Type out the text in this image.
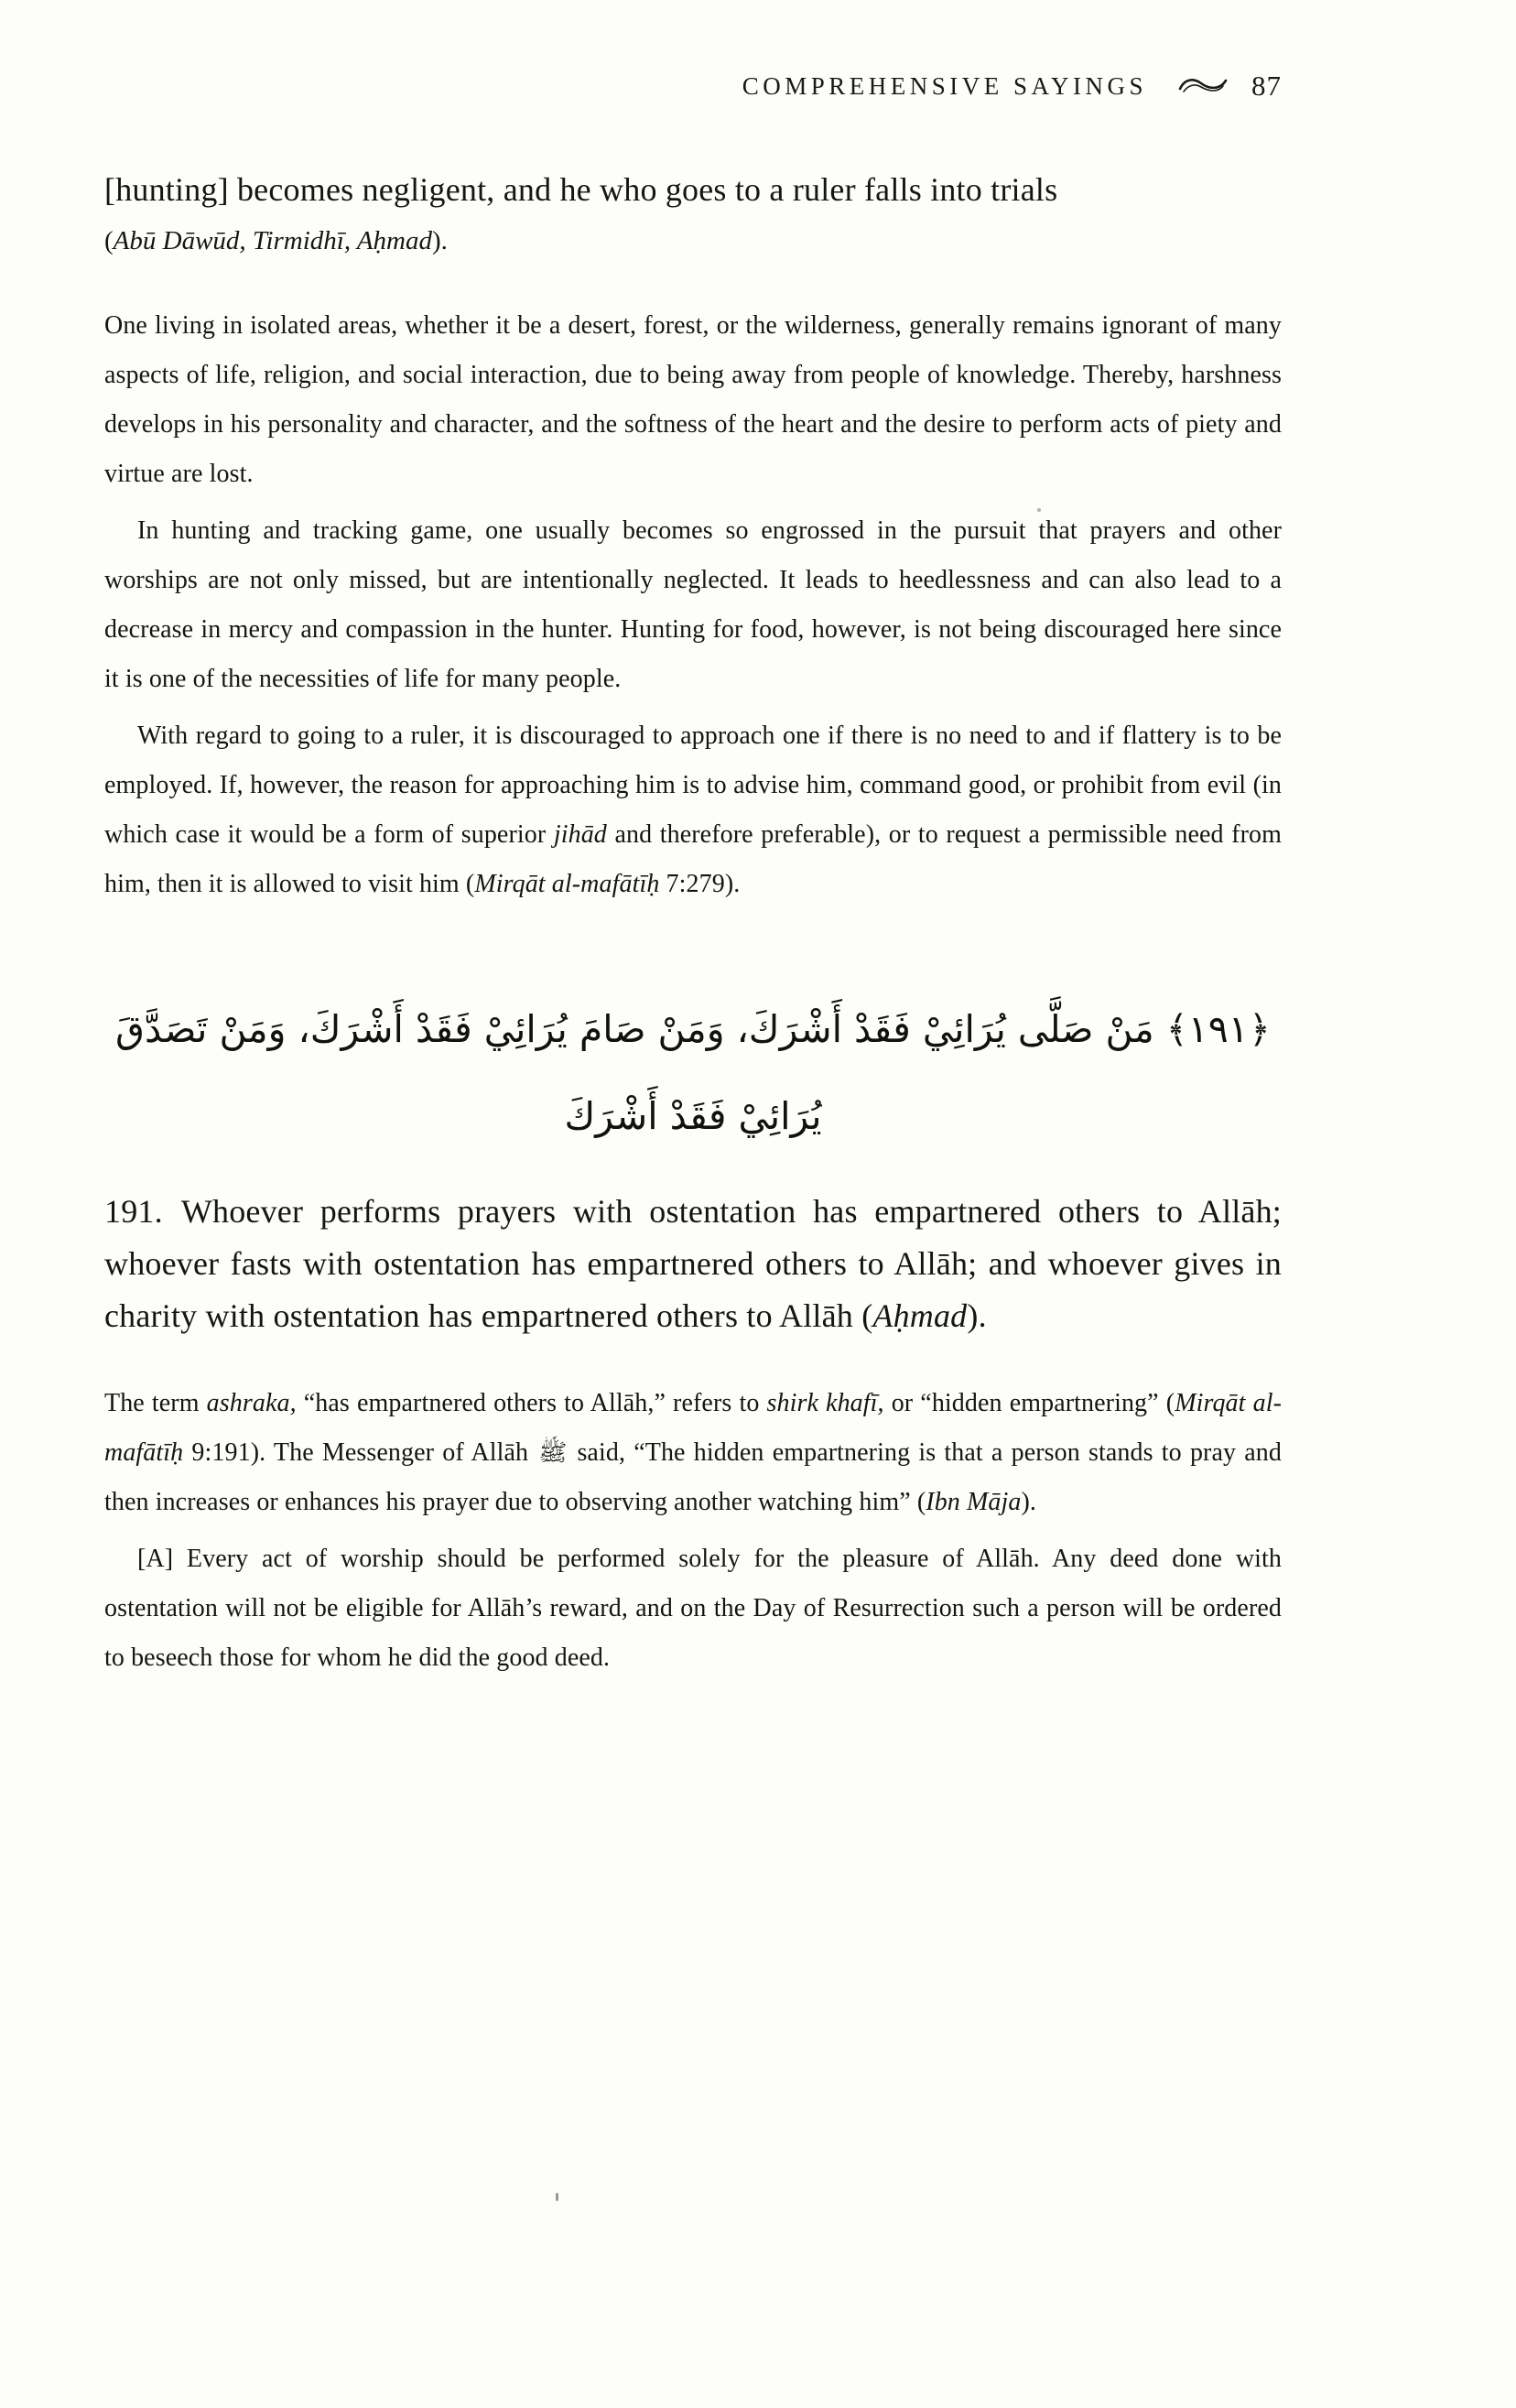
COMPREHENSIVE SAYINGS	87
[hunting] becomes negligent, and he who goes to a ruler falls into trials
(Abū Dāwūd, Tirmidhī, Aḥmad).

One living in isolated areas, whether it be a desert, forest, or the wilderness, generally remains ignorant of many aspects of life, religion, and social interaction, due to being away from people of knowledge. Thereby, harshness develops in his personality and character, and the softness of the heart and the desire to perform acts of piety and virtue are lost.

In hunting and tracking game, one usually becomes so engrossed in the pursuit that prayers and other worships are not only missed, but are intentionally neglected. It leads to heedlessness and can also lead to a decrease in mercy and compassion in the hunter. Hunting for food, however, is not being discouraged here since it is one of the necessities of life for many people.

With regard to going to a ruler, it is discouraged to approach one if there is no need to and if flattery is to be employed. If, however, the reason for approaching him is to advise him, command good, or prohibit from evil (in which case it would be a form of superior jihād and therefore preferable), or to request a permissible need from him, then it is allowed to visit him (Mirqāt al-mafātīḥ 7:279).

﴿١٩١﴾ مَنْ صَلَّى يُرَائِيْ فَقَدْ أَشْرَكَ، وَمَنْ صَامَ يُرَائِيْ فَقَدْ أَشْرَكَ، وَمَنْ تَصَدَّقَ
يُرَائِيْ فَقَدْ أَشْرَكَ

191. Whoever performs prayers with ostentation has empartnered others to Allāh; whoever fasts with ostentation has empartnered others to Allāh; and whoever gives in charity with ostentation has empartnered others to Allāh (Aḥmad).

The term ashraka, “has empartnered others to Allāh,” refers to shirk khafī, or “hidden empartnering” (Mirqāt al-mafātīḥ 9:191). The Messenger of Allāh ﷺ said, “The hidden empartnering is that a person stands to pray and then increases or enhances his prayer due to observing another watching him” (Ibn Māja).

[A] Every act of worship should be performed solely for the pleasure of Allāh. Any deed done with ostentation will not be eligible for Allāh’s reward, and on the Day of Resurrection such a person will be ordered to beseech those for whom he did the good deed.
